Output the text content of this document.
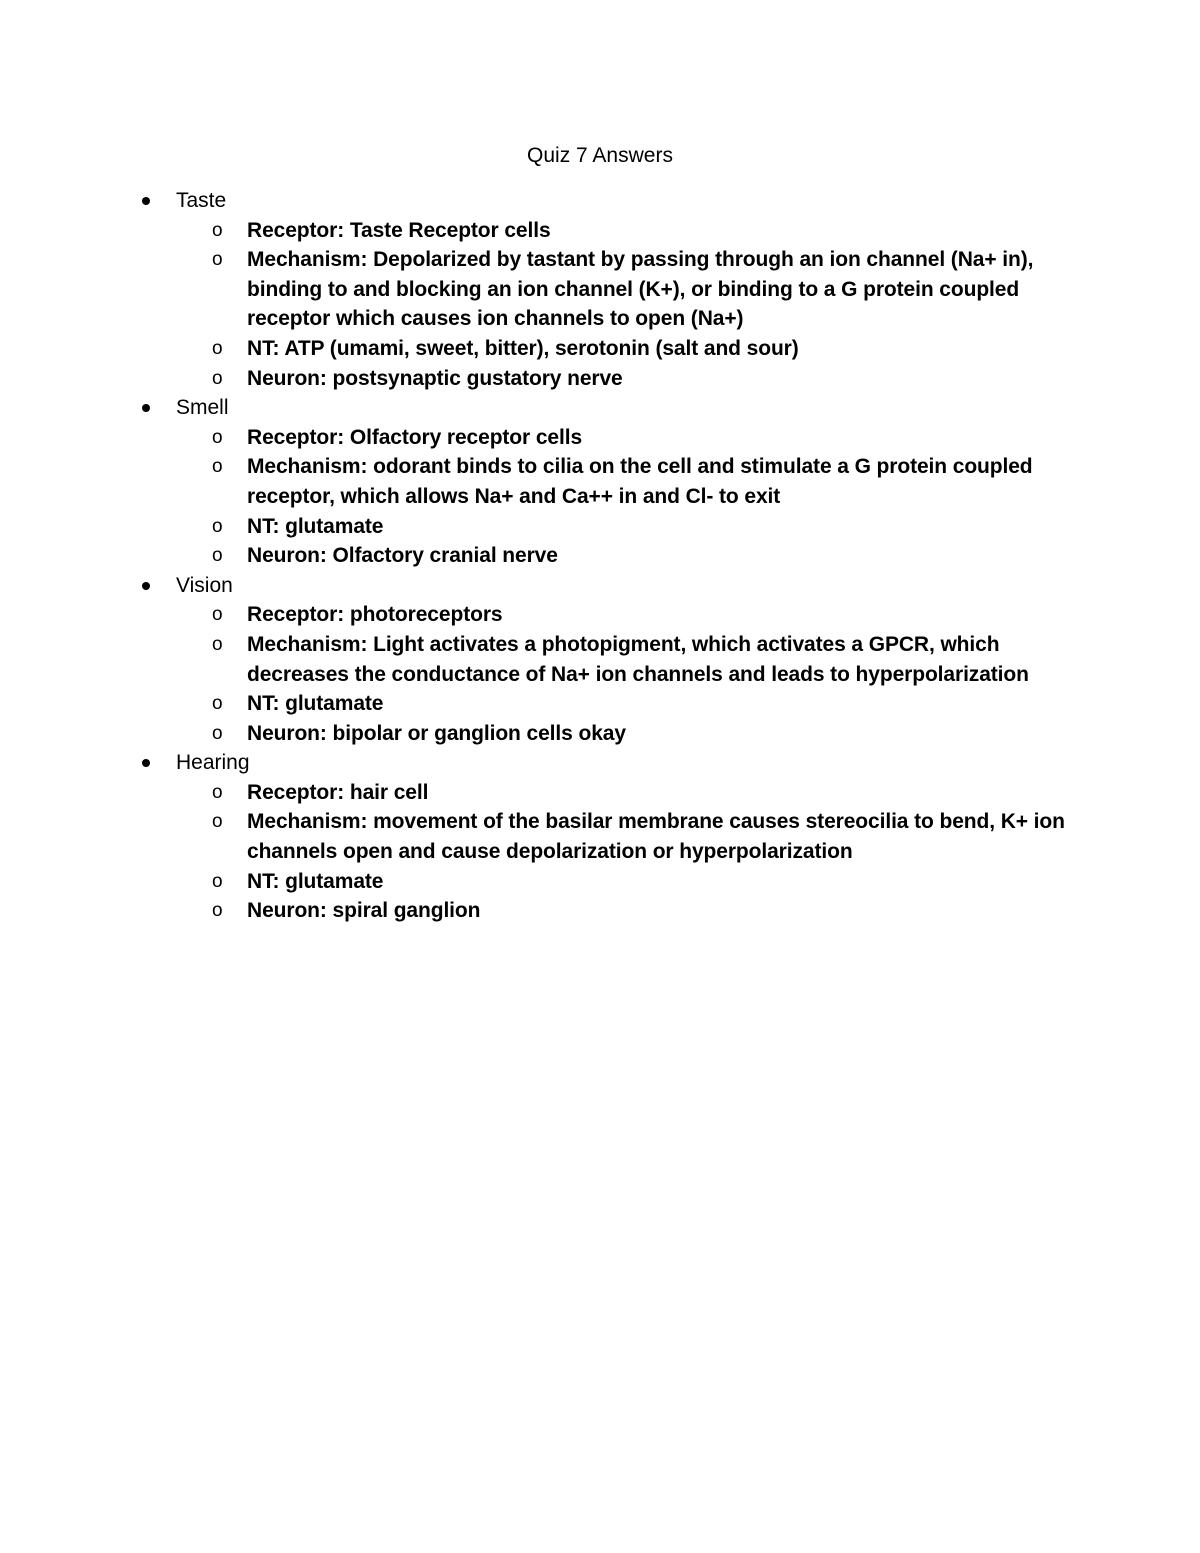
Quiz 7 Answers
Taste
o Receptor: Taste Receptor cells
o Mechanism: Depolarized by tastant by passing through an ion channel (Na+ in), binding to and blocking an ion channel (K+), or binding to a G protein coupled receptor which causes ion channels to open (Na+)
o NT: ATP (umami, sweet, bitter), serotonin (salt and sour)
o Neuron: postsynaptic gustatory nerve
Smell
o Receptor: Olfactory receptor cells
o Mechanism: odorant binds to cilia on the cell and stimulate a G protein coupled receptor, which allows Na+ and Ca++ in and Cl- to exit
o NT: glutamate
o Neuron: Olfactory cranial nerve
Vision
o Receptor: photoreceptors
o Mechanism: Light activates a photopigment, which activates a GPCR, which decreases the conductance of Na+ ion channels and leads to hyperpolarization
o NT: glutamate
o Neuron: bipolar or ganglion cells okay
Hearing
o Receptor: hair cell
o Mechanism: movement of the basilar membrane causes stereocilia to bend, K+ ion channels open and cause depolarization or hyperpolarization
o NT: glutamate
o Neuron: spiral ganglion
